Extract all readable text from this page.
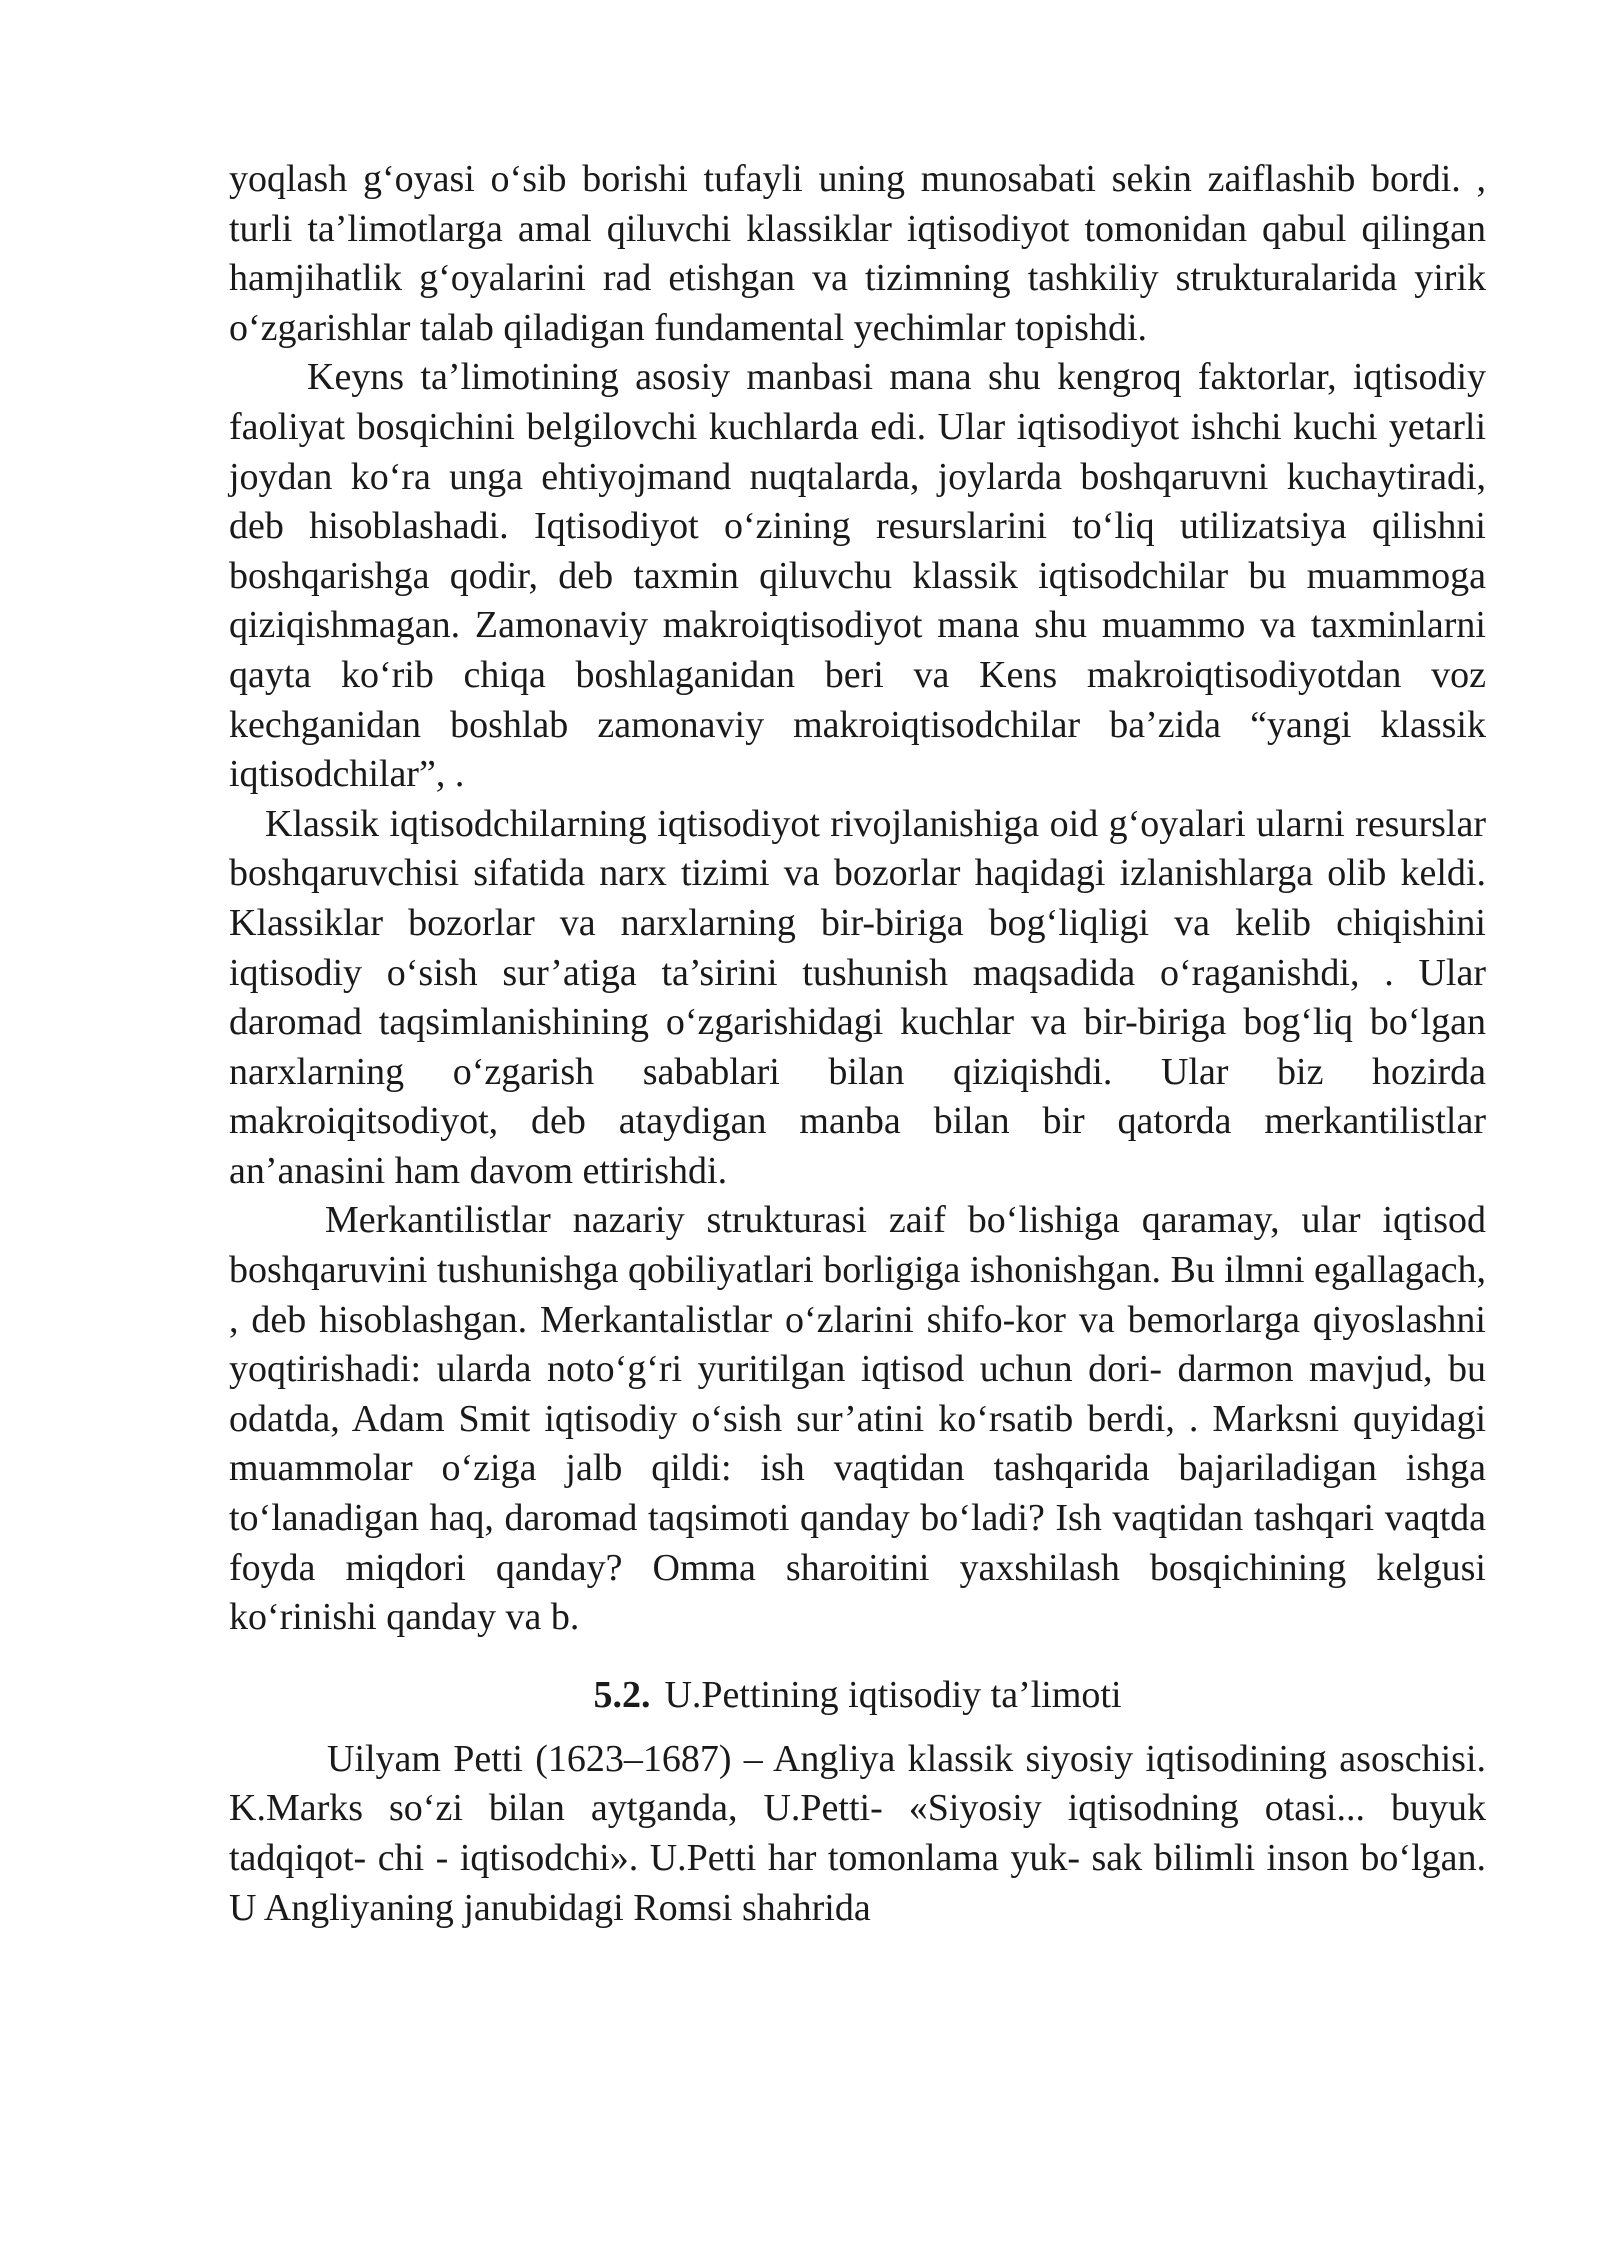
yoqlash g‘oyasi o‘sib borishi tufayli uning munosabati sekin zaiflashib bordi. , turli ta’limotlarga amal qiluvchi klassiklar iqtisodiyot tomonidan qabul qilingan hamjihatlik g‘oyalarini rad etishgan va tizimning tashkiliy strukturalarida yirik o‘zgarishlar talab qiladigan fundamental yechimlar topishdi.

Keyns ta’limotining asosiy manbasi mana shu kengroq faktorlar, iqtisodiy faoliyat bosqichini belgilovchi kuchlarda edi. Ular iqtisodiyot ishchi kuchi yetarli joydan ko‘ra unga ehtiyojmand nuqtalarda, joylarda boshqaruvni kuchaytiradi, deb hisoblashadi. Iqtisodiyot o‘zining resurslarini to‘liq utilizatsiya qilishni boshqarishga qodir, deb taxmin qiluvchu klassik iqtisodchilar bu muammoga qiziqishmagan. Zamonaviy makroiqtisodiyot mana shu muammo va taxminlarni qayta ko‘rib chiqa boshlaganidan beri va Kens makroiqtisodiyotdan voz kechganidan boshlab zamonaviy makroiqtisodchilar ba’zida “yangi klassik iqtisodchilar”, .

Klassik iqtisodchilarning iqtisodiyot rivojlanishiga oid g‘oyalari ularni resurslar boshqaruvchisi sifatida narx tizimi va bozorlar haqidagi izlanishlarga olib keldi. Klassiklar bozorlar va narxlarning bir-biriga bog‘liqligi va kelib chiqishini iqtisodiy o‘sish sur’atiga ta’sirini tushunish maqsadida o‘raganishdi, . Ular daromad taqsimlanishining o‘zgarishidagi kuchlar va bir-biriga bog‘liq bo‘lgan narxlarning o‘zgarish sabablari bilan qiziqishdi. Ular biz hozirda makroiqitsodiyot, deb ataydigan manba bilan bir qatorda merkantilistlar an’anasini ham davom ettirishdi.

Merkantilistlar nazariy strukturasi zaif bo‘lishiga qaramay, ular iqtisod boshqaruvini tushunishga qobiliyatlari borligiga ishonishgan. Bu ilmni egallagach, , deb hisoblashgan. Merkantalistlar o‘zlarini shifo-kor va bemorlarga qiyoslashni yoqtirishadi: ularda noto‘g‘ri yuritilgan iqtisod uchun dori- darmon mavjud, bu odatda, Adam Smit iqtisodiy o‘sish sur’atini ko‘rsatib berdi, . Marksni quyidagi muammolar o‘ziga jalb qildi: ish vaqtidan tashqarida bajariladigan ishga to‘lanadigan haq, daromad taqsimoti qanday bo‘ladi? Ish vaqtidan tashqari vaqtda foyda miqdori qanday? Omma sharoitini yaxshilash bosqichining kelgusi ko‘rinishi qanday va b.

5.2. U.Pettining iqtisodiy ta’limoti

Uilyam Petti (1623–1687) – Angliya klassik siyosiy iqtisodining asoschisi. K.Marks so‘zi bilan aytganda, U.Petti- «Siyosiy iqtisodning otasi... buyuk tadqiqot- chi - iqtisodchi». U.Petti har tomonlama yuk- sak bilimli inson bo‘lgan. U Angliyaning janubidagi Romsi shahrida
